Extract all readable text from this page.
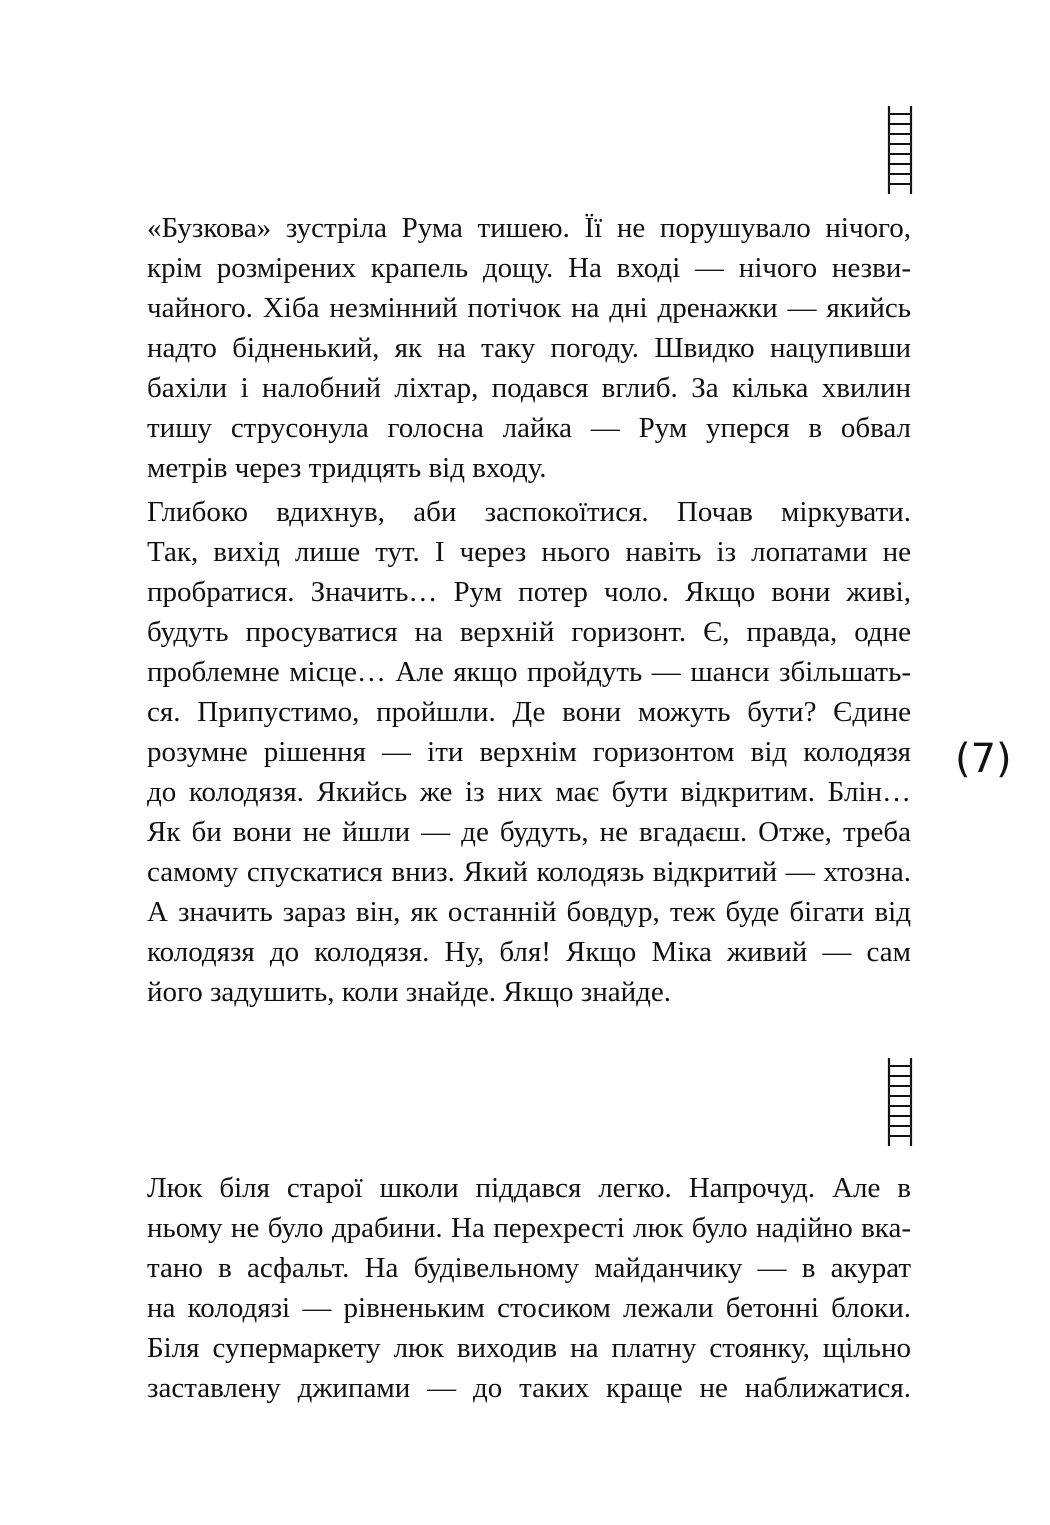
«Бузкова» зустріла Рума тишею. Її не порушувало нічого,
крім розмірених крапель дощу. На вході — нічого незви-
чайного. Хіба незмінний потічок на дні дренажки — якийсь
надто бідненький, як на таку погоду. Швидко нацупивши
бахіли і налобний ліхтар, подався вглиб. За кілька хвилин
тишу струсонула голосна лайка — Рум уперся в обвал
метрів через тридцять від входу.

Глибоко вдихнув, аби заспокоїтися. Почав міркувати.
Так, вихід лише тут. І через нього навіть із лопатами не
пробратися. Значить… Рум потер чоло. Якщо вони живі,
будуть просуватися на верхній горизонт. Є, правда, одне
проблемне місце… Але якщо пройдуть — шанси збільшать-
ся. Припустимо, пройшли. Де вони можуть бути? Єдине
розумне рішення — іти верхнім горизонтом від колодязя
до колодязя. Якийсь же із них має бути відкритим. Блін…
Як би вони не йшли — де будуть, не вгадаєш. Отже, треба
самому спускатися вниз. Який колодязь відкритий — хтозна.
А значить зараз він, як останній бовдур, теж буде бігати від
колодязя до колодязя. Ну, бля! Якщо Міка живий — сам
його задушить, коли знайде. Якщо знайде.

(7)

Люк біля старої школи піддався легко. Напрочуд. Але в
ньому не було драбини. На перехресті люк було надійно вка-
тано в асфальт. На будівельному майданчику — в акурат
на колодязі — рівненьким стосиком лежали бетонні блоки.
Біля супермаркету люк виходив на платну стоянку, щільно
заставлену джипами — до таких краще не наближатися.
